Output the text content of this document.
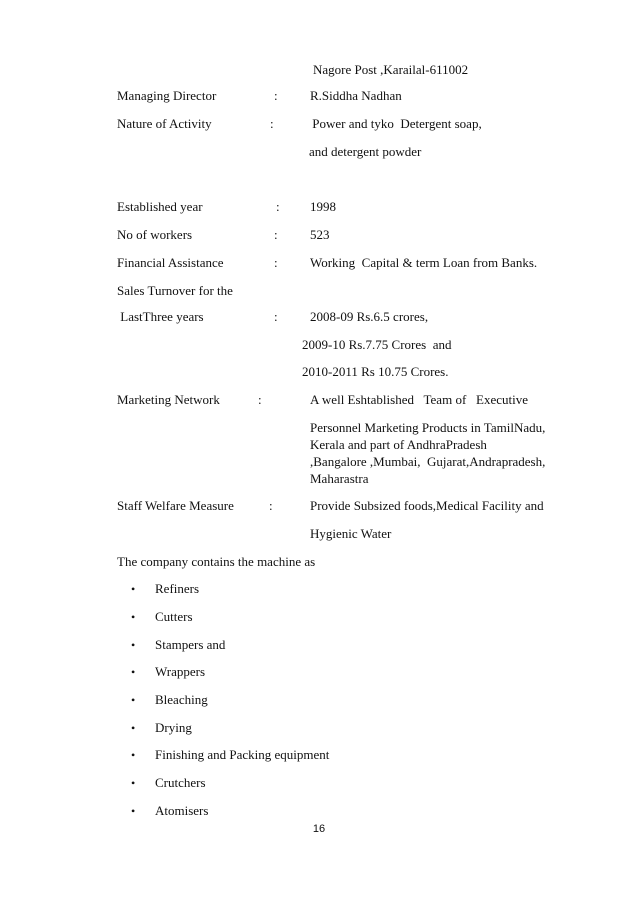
Nagore Post ,Karailal-611002
Managing Director	: R.Siddha Nadhan
Nature of Activity	:	Power and tyko  Detergent soap,
and detergent powder
Established year	: 1998
No of workers	: 523
Financial Assistance	: Working  Capital & term Loan from Banks.
Sales Turnover for the
LastThree years	: 2008-09 Rs.6.5 crores,
2009-10 Rs.7.75 Crores  and
2010-2011 Rs 10.75 Crores.
Marketing Network	:	A well Eshtablished   Team of   Executive
Personnel Marketing Products in TamilNadu,
Kerala and part of AndhraPradesh
,Bangalore ,Mumbai,  Gujarat,Andrapradesh,
Maharastra
Staff Welfare Measure	:	Provide Subsized foods,Medical Facility and
Hygienic Water
The company contains the machine as
• Refiners
• Cutters
• Stampers and
• Wrappers
• Bleaching
• Drying
• Finishing and Packing equipment
• Crutchers
• Atomisers
16
